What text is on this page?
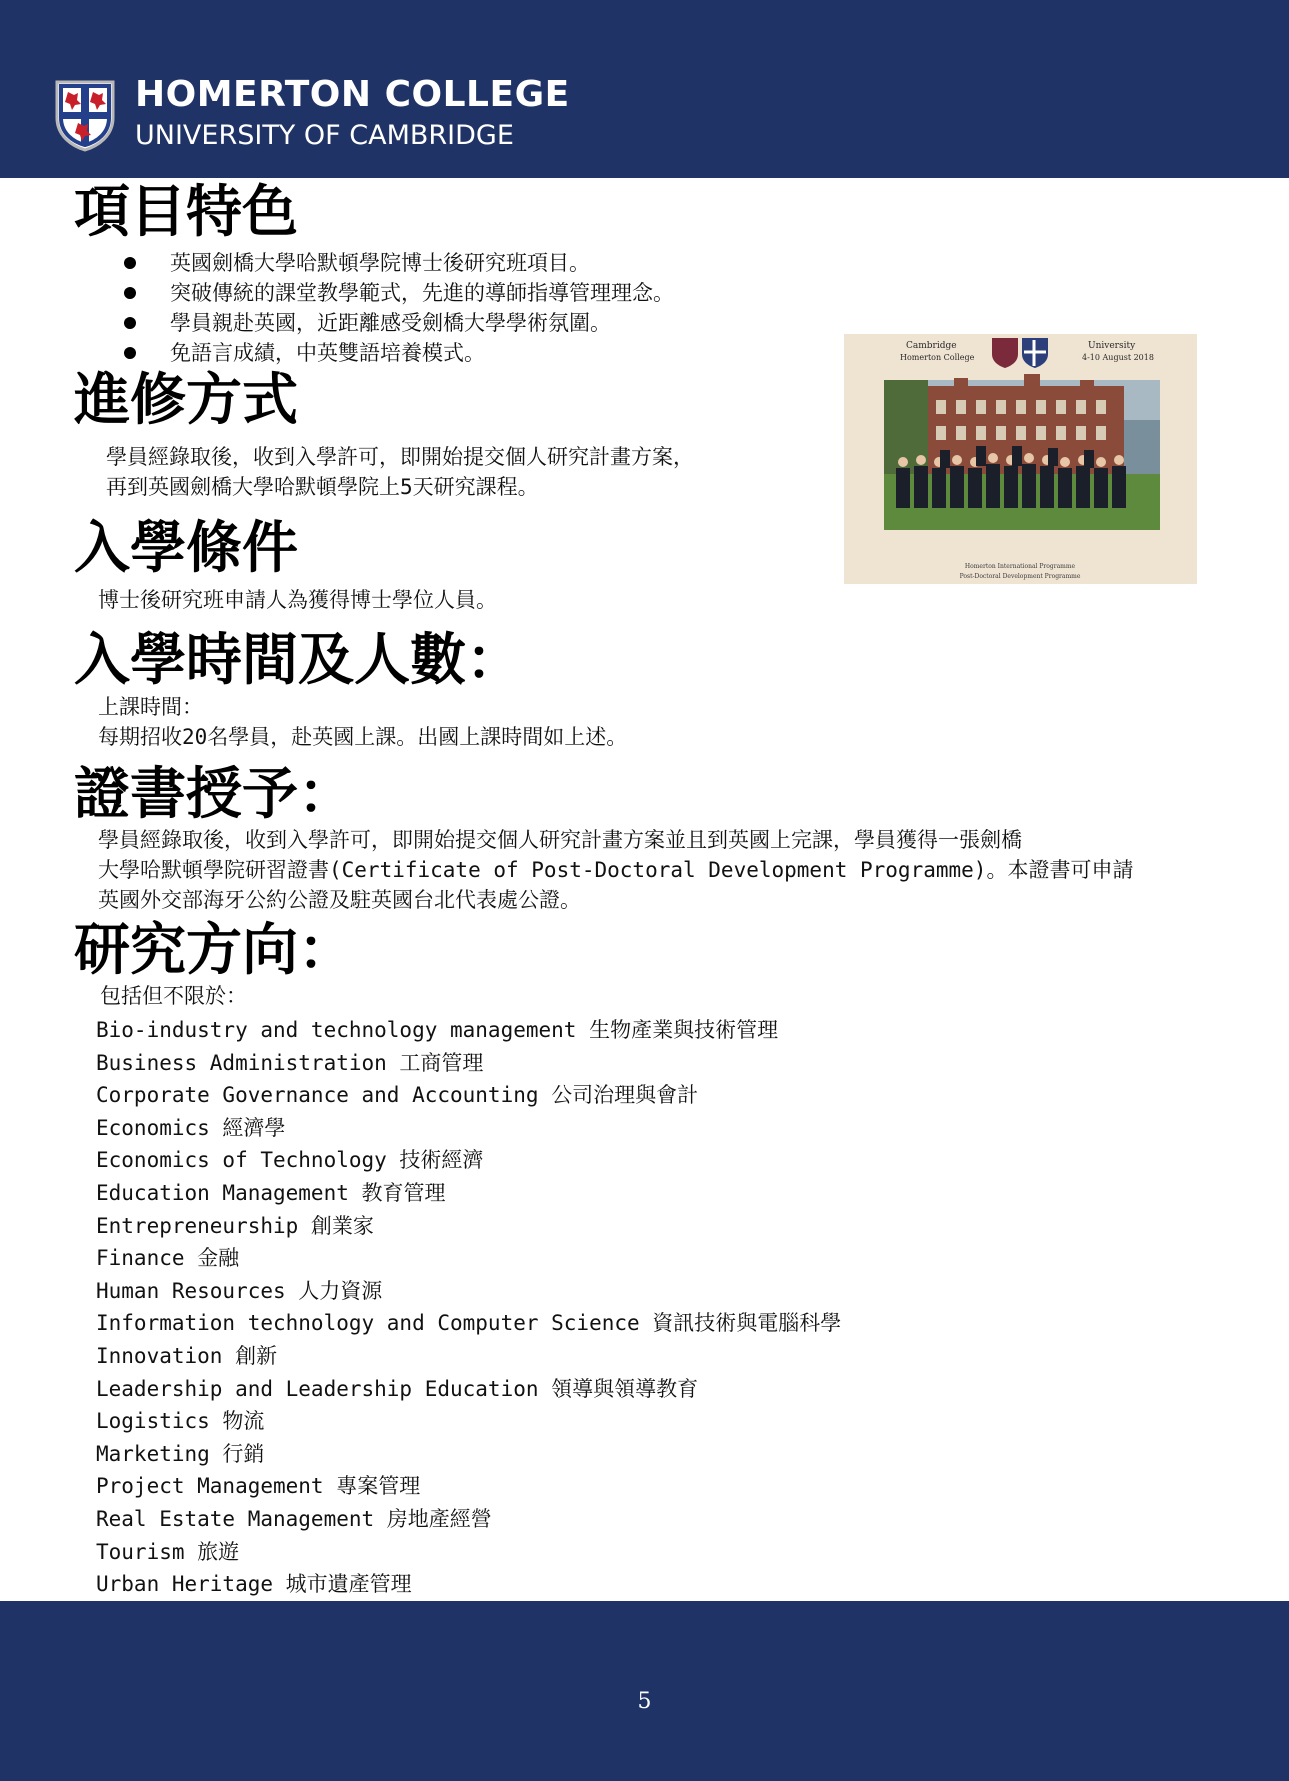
HOMERTON COLLEGE
UNIVERSITY OF CAMBRIDGE
項目特色
英國劍橋大學哈默頓學院博士後研究班項目。
突破傳統的課堂教學範式，先進的導師指導管理理念。
學員親赴英國，近距離感受劍橋大學學術氛圍。
免語言成績，中英雙語培養模式。
進修方式
學員經錄取後，收到入學許可，即開始提交個人研究計畫方案，
再到英國劍橋大學哈默頓學院上5天研究課程。
Cambridge
Homerton College
University
4-10 August 2018
Homerton International Programme
Post-Doctoral Development Programme
入學條件
博士後研究班申請人為獲得博士學位人員。
入學時間及人數：
上課時間：
每期招收20名學員，赴英國上課。出國上課時間如上述。
證書授予：
學員經錄取後，收到入學許可，即開始提交個人研究計畫方案並且到英國上完課，學員獲得一張劍橋
大學哈默頓學院研習證書(Certificate of Post-Doctoral Development Programme)。本證書可申請
英國外交部海牙公約公證及駐英國台北代表處公證。
研究方向：
包括但不限於：
Bio-industry and technology management 生物產業與技術管理
Business Administration 工商管理
Corporate Governance and Accounting 公司治理與會計
Economics 經濟學
Economics of Technology 技術經濟
Education Management 教育管理
Entrepreneurship 創業家
Finance 金融
Human Resources 人力資源
Information technology and Computer Science 資訊技術與電腦科學
Innovation 創新
Leadership and Leadership Education 領導與領導教育
Logistics 物流
Marketing 行銷
Project Management 專案管理
Real Estate Management 房地產經營
Tourism 旅遊
Urban Heritage 城市遺產管理
5
